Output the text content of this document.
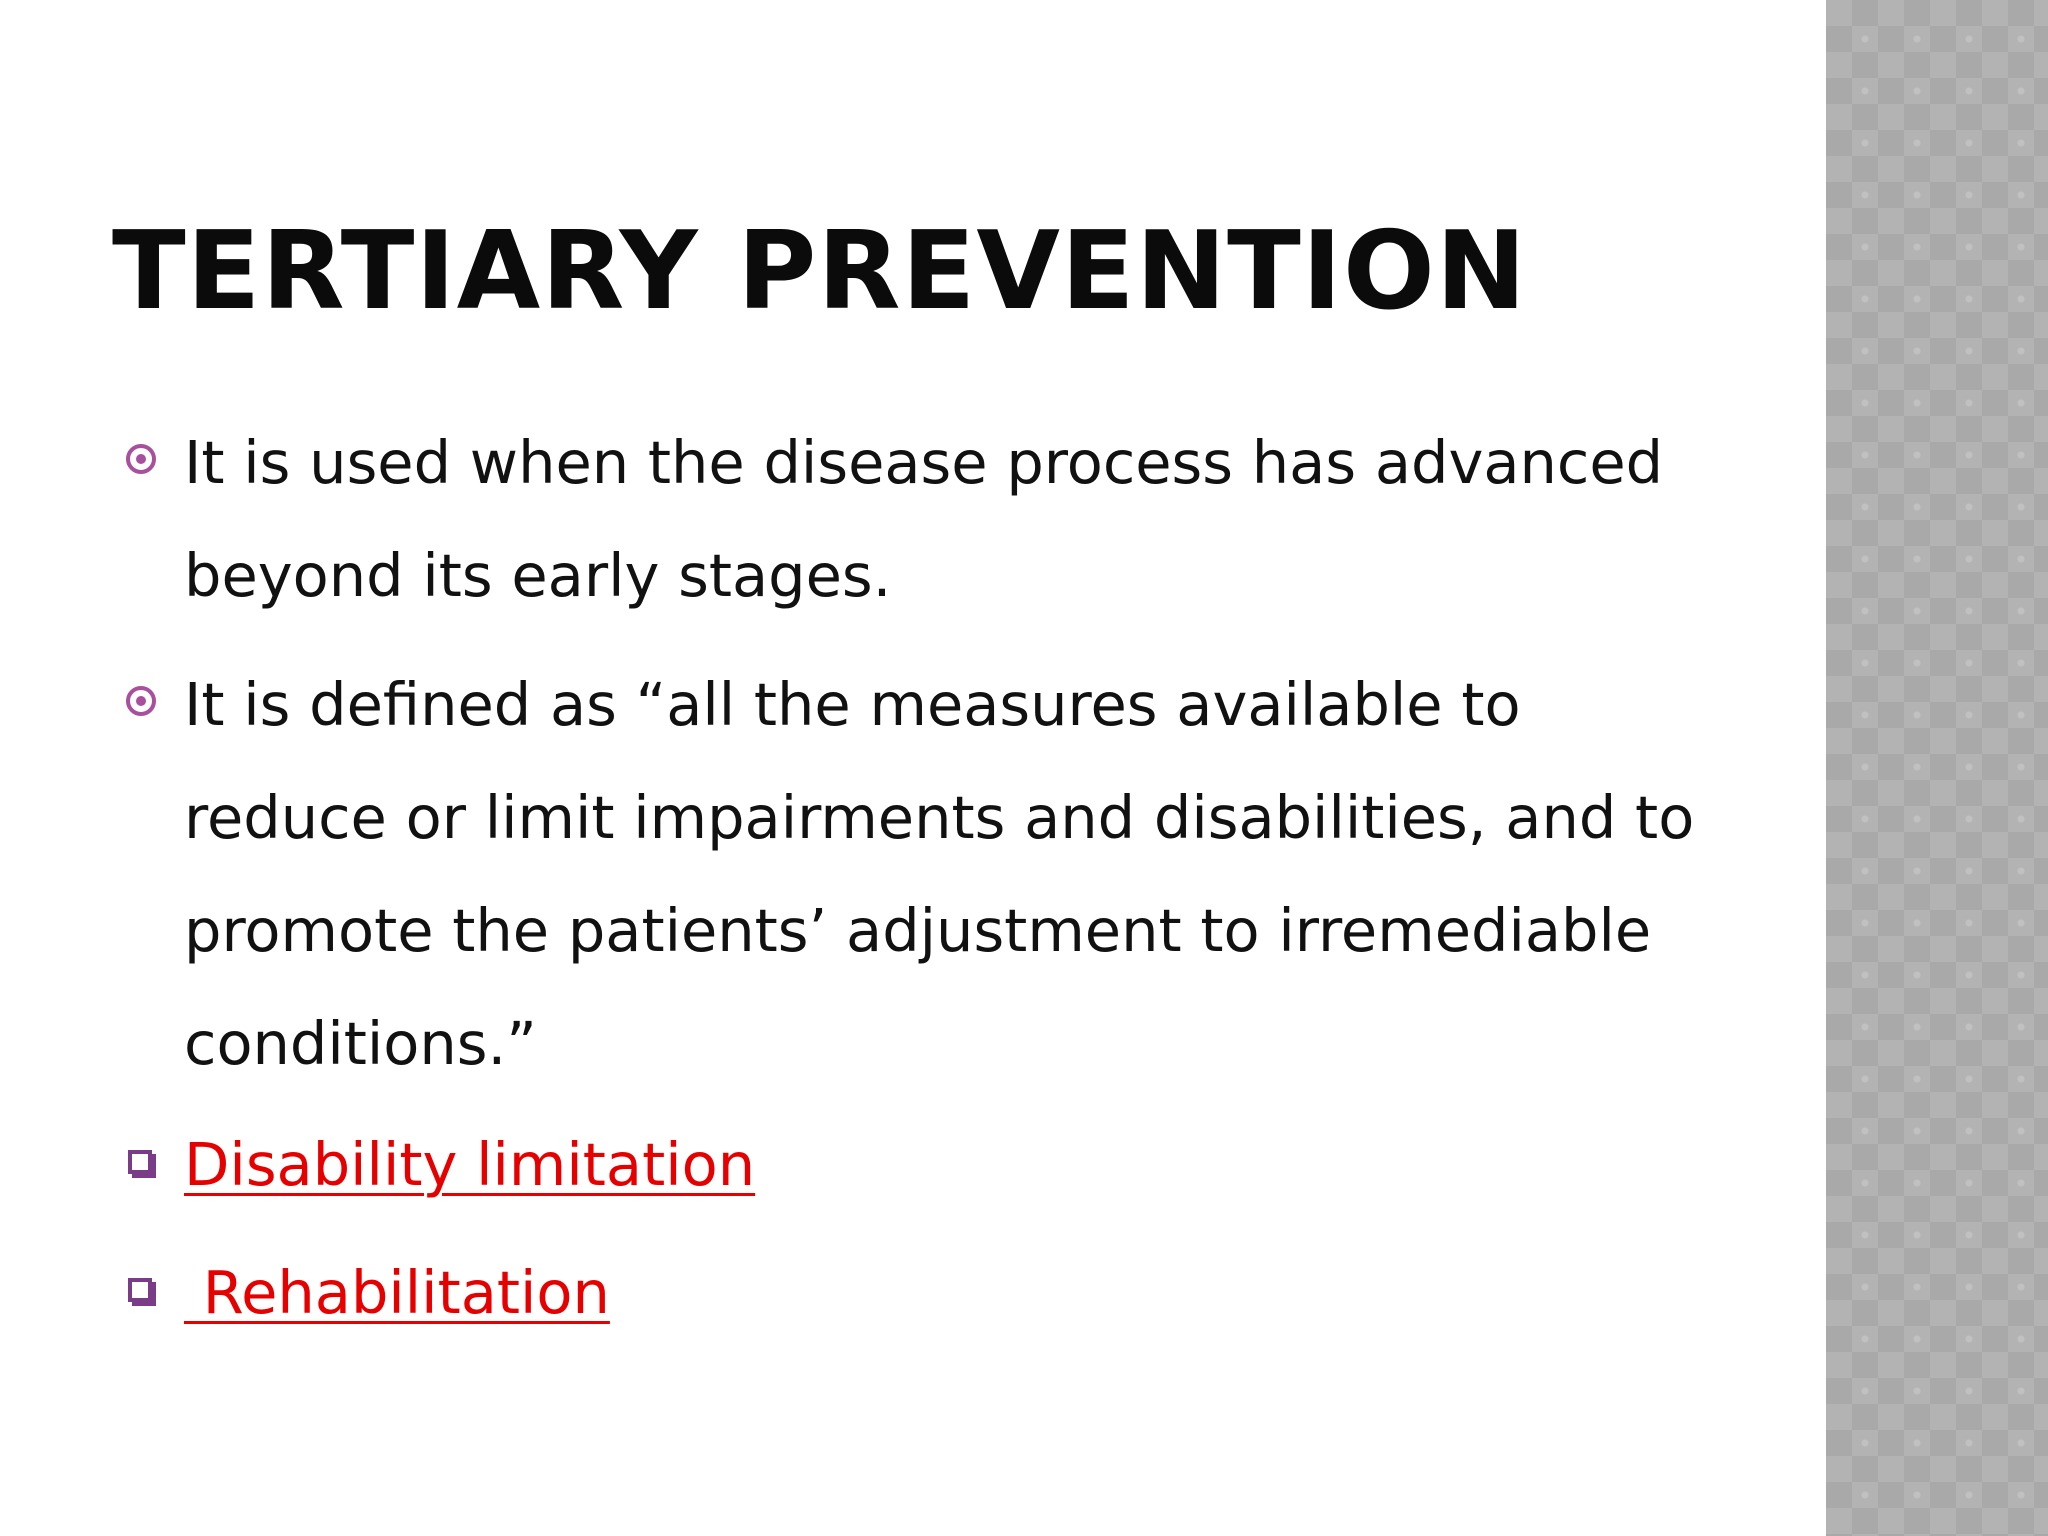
TERTIARY PREVENTION
It is used when the disease process has advanced beyond its early stages.
It is defined as “all the measures available to reduce or limit impairments and disabilities, and to promote the patients’ adjustment to irremediable conditions.”
Disability limitation
Rehabilitation
